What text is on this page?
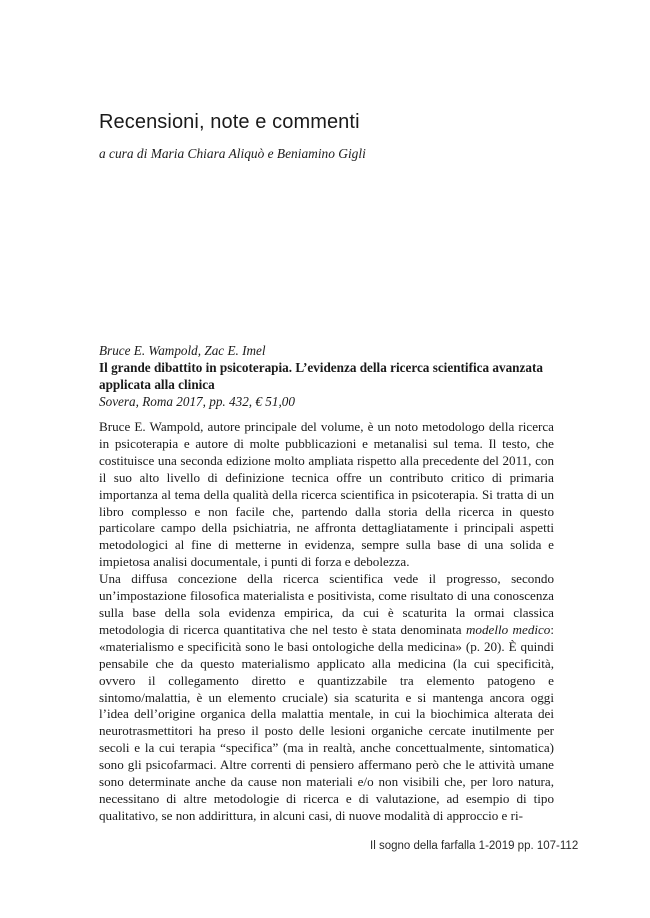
Recensioni, note e commenti
a cura di Maria Chiara Aliquò e Beniamino Gigli
Bruce E. Wampold, Zac E. Imel
Il grande dibattito in psicoterapia. L’evidenza della ricerca scientifica avanzata applicata alla clinica
Sovera, Roma 2017, pp. 432, € 51,00

Bruce E. Wampold, autore principale del volume, è un noto metodologo della ricerca in psicoterapia e autore di molte pubblicazioni e metanalisi sul tema. Il testo, che costituisce una seconda edizione molto ampliata rispetto alla precedente del 2011, con il suo alto livello di definizione tecnica offre un contributo critico di primaria importanza al tema della qualità della ricerca scientifica in psicoterapia. Si tratta di un libro complesso e non facile che, partendo dalla storia della ricerca in questo particolare campo della psichiatria, ne affronta dettagliatamente i principali aspetti metodologici al fine di metterne in evidenza, sempre sulla base di una solida e impietosa analisi documentale, i punti di forza e debolezza.

Una diffusa concezione della ricerca scientifica vede il progresso, secondo un’impostazione filosofica materialista e positivista, come risultato di una conoscenza sulla base della sola evidenza empirica, da cui è scaturita la ormai classica metodologia di ricerca quantitativa che nel testo è stata denominata modello medico: «materialismo e specificità sono le basi ontologiche della medicina» (p. 20). È quindi pensabile che da questo materialismo applicato alla medicina (la cui specificità, ovvero il collegamento diretto e quantizzabile tra elemento patogeno e sintomo/malattia, è un elemento cruciale) sia scaturita e si mantenga ancora oggi l’idea dell’origine organica della malattia mentale, in cui la biochimica alterata dei neurotrasmettitori ha preso il posto delle lesioni organiche cercate inutilmente per secoli e la cui terapia “specifica” (ma in realtà, anche concettualmente, sintomatica) sono gli psicofarmaci. Altre correnti di pensiero affermano però che le attività umane sono determinate anche da cause non materiali e/o non visibili che, per loro natura, necessitano di altre metodologie di ricerca e di valutazione, ad esempio di tipo qualitativo, se non addirittura, in alcuni casi, di nuove modalità di approccio e ri-

Il sogno della farfalla 1-2019 pp. 107-112
